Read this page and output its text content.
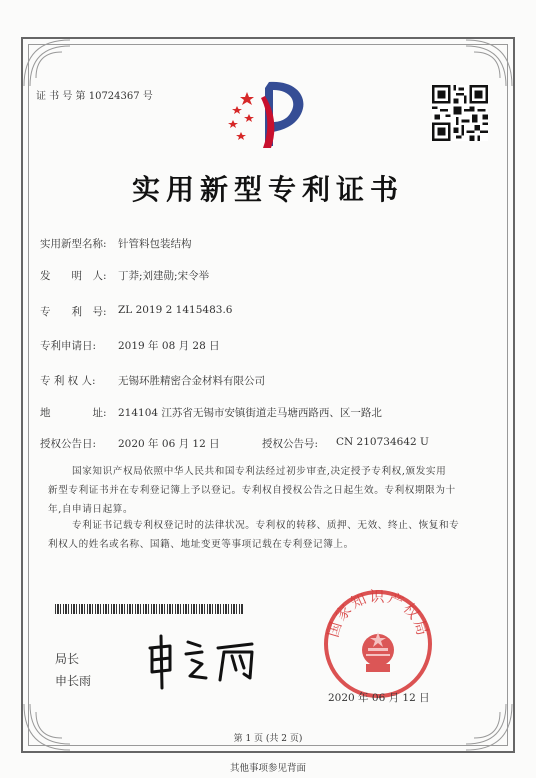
证 书 号 第 10724367 号
实用新型专利证书
实用新型名称: 针管料包装结构
发　　明　人: 丁莽;刘建勋;宋令举
专　　利　号: ZL 2019 2 1415483.6
专利申请日: 2019 年 08 月 28 日
专 利 权 人: 无锡环胜精密合金材料有限公司
地　　　　址: 214104 江苏省无锡市安镇街道走马塘西路西、区一路北
授权公告日: 2020 年 06 月 12 日	授权公告号: CN 210734642 U
国家知识产权局依照中华人民共和国专利法经过初步审查,决定授予专利权,颁发实用
新型专利证书并在专利登记簿上予以登记。专利权自授权公告之日起生效。专利权期限为十
年,自申请日起算。
专利证书记载专利权登记时的法律状况。专利权的转移、质押、无效、终止、恢复和专
利权人的姓名或名称、国籍、地址变更等事项记载在专利登记簿上。
局长
申长雨
国家知识产权局
2020 年 06 月 12 日
第 1 页 (共 2 页)
其他事项参见背面
